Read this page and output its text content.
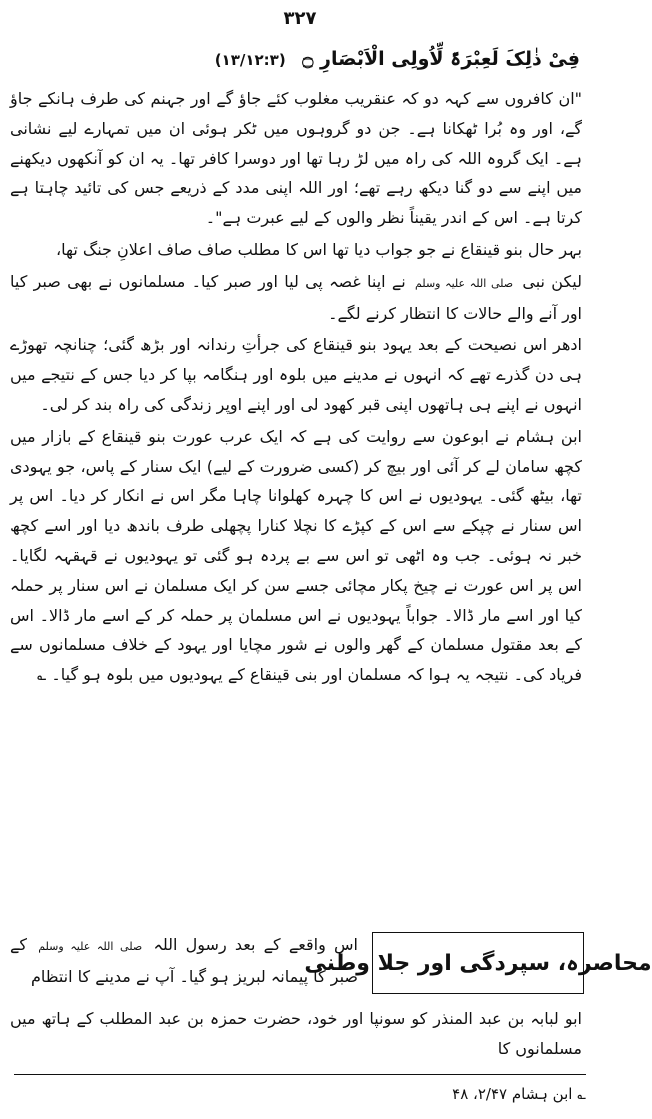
۳۲۷
فِیْ ذٰلِکَ لَعِبْرَۃً لِّاُولِی الْاَبْصَارِ ۝ (۱۳/۱۲:۳)

"ان کافروں سے کہہ دو کہ عنقریب مغلوب کئے جاؤ گے اور جہنم کی طرف ہانکے جاؤ گے، اور وہ بُرا ٹھکانا ہے۔ جن دو گروہوں میں ٹکر ہوئی ان میں تمہارے لیے نشانی ہے۔ ایک گروہ اللہ کی راہ میں لڑ رہا تھا اور دوسرا کافر تھا۔ یہ ان کو آنکھوں دیکھنے میں اپنے سے دو گنا دیکھ رہے تھے؛ اور اللہ اپنی مدد کے ذریعے جس کی تائید چاہتا ہے کرتا ہے۔ اس کے اندر یقیناً نظر والوں کے لیے عبرت ہے"۔

بہر حال بنو قینقاع نے جو جواب دیا تھا اس کا مطلب صاف صاف اعلانِ جنگ تھا،

لیکن نبی صلی اللہ علیہ وسلم نے اپنا غصہ پی لیا اور صبر کیا۔ مسلمانوں نے بھی صبر کیا اور آنے والے حالات کا انتظار کرنے لگے۔

ادھر اس نصیحت کے بعد یہود بنو قینقاع کی جرأتِ رندانہ اور بڑھ گئی؛ چنانچہ تھوڑے ہی دن گذرے تھے کہ انہوں نے مدینے میں بلوہ اور ہنگامہ بپا کر دیا جس کے نتیجے میں انہوں نے اپنے ہی ہاتھوں اپنی قبر کھود لی اور اپنے اوپر زندگی کی راہ بند کر لی۔

ابن ہشام نے ابوعون سے روایت کی ہے کہ ایک عرب عورت بنو قینقاع کے بازار میں کچھ سامان لے کر آئی اور بیچ کر (کسی ضرورت کے لیے) ایک سنار کے پاس، جو یہودی تھا، بیٹھ گئی۔ یہودیوں نے اس کا چہرہ کھلوانا چاہا مگر اس نے انکار کر دیا۔ اس پر اس سنار نے چپکے سے اس کے کپڑے کا نچلا کنارا پچھلی طرف باندھ دیا اور اسے کچھ خبر نہ ہوئی۔ جب وہ اٹھی تو اس سے بے پردہ ہو گئی تو یہودیوں نے قہقہہ لگایا۔ اس پر اس عورت نے چیخ پکار مچائی جسے سن کر ایک مسلمان نے اس سنار پر حملہ کیا اور اسے مار ڈالا۔ جواباً یہودیوں نے اس مسلمان پر حملہ کر کے اسے مار ڈالا۔ اس کے بعد مقتول مسلمان کے گھر والوں نے شور مچایا اور یہود کے خلاف مسلمانوں سے فریاد کی۔ نتیجہ یہ ہوا کہ مسلمان اور بنی قینقاع کے یہودیوں میں بلوہ ہو گیا۔ ؎

محاصرہ، سپردگی اور جلا وطنی
اس واقعے کے بعد رسول اللہ صلی اللہ علیہ وسلم کے صبر کا پیمانہ لبریز ہو گیا۔ آپ نے مدینے کا انتظام
ابو لبابہ بن عبد المنذر کو سونپا اور خود، حضرت حمزہ بن عبد المطلب کے ہاتھ میں مسلمانوں کا
؎ ابن ہشام ۲/۴۷، ۴۸
